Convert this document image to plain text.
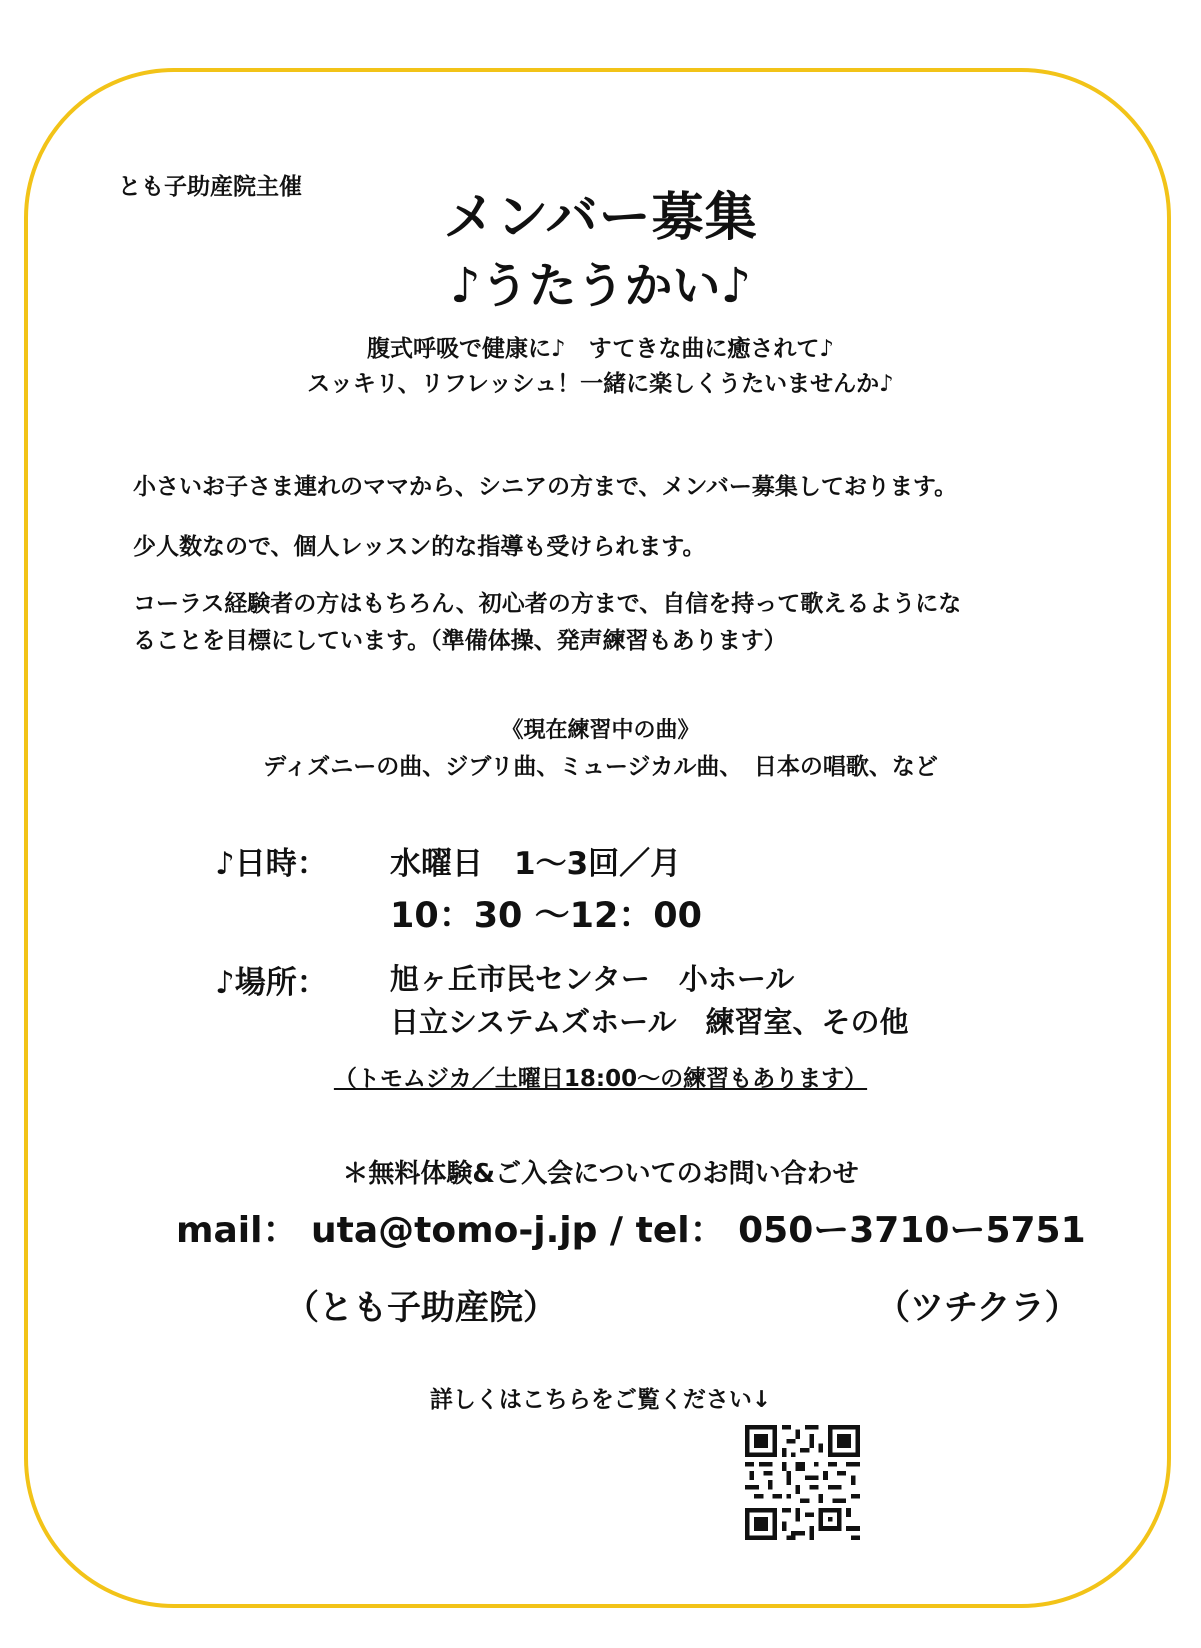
とも子助産院主催
メンバー募集
♪うたうかい♪
腹式呼吸で健康に♪　すてきな曲に癒されて♪
スッキリ、リフレッシュ！一緒に楽しくうたいませんか♪
小さいお子さま連れのママから、シニアの方まで、メンバー募集しております。
少人数なので、個人レッスン的な指導も受けられます。
コーラス経験者の方はもちろん、初心者の方まで、自信を持って歌えるようにな
ることを目標にしています。（準備体操、発声練習もあります）
《現在練習中の曲》
ディズニーの曲、ジブリ曲、ミュージカル曲、　日本の唱歌、など
♪日時： 水曜日　1〜3回／月
10：30 〜12：00
♪場所： 旭ヶ丘市民センター　小ホール
日立システムズホール　練習室、その他
（トモムジカ／土曜日18:00〜の練習もあります）
＊無料体験&ご入会についてのお問い合わせ
mail： uta@tomo-j.jp / tel： 050ー3710ー5751
（とも子助産院）	（ツチクラ）
詳しくはこちらをご覧ください↓
